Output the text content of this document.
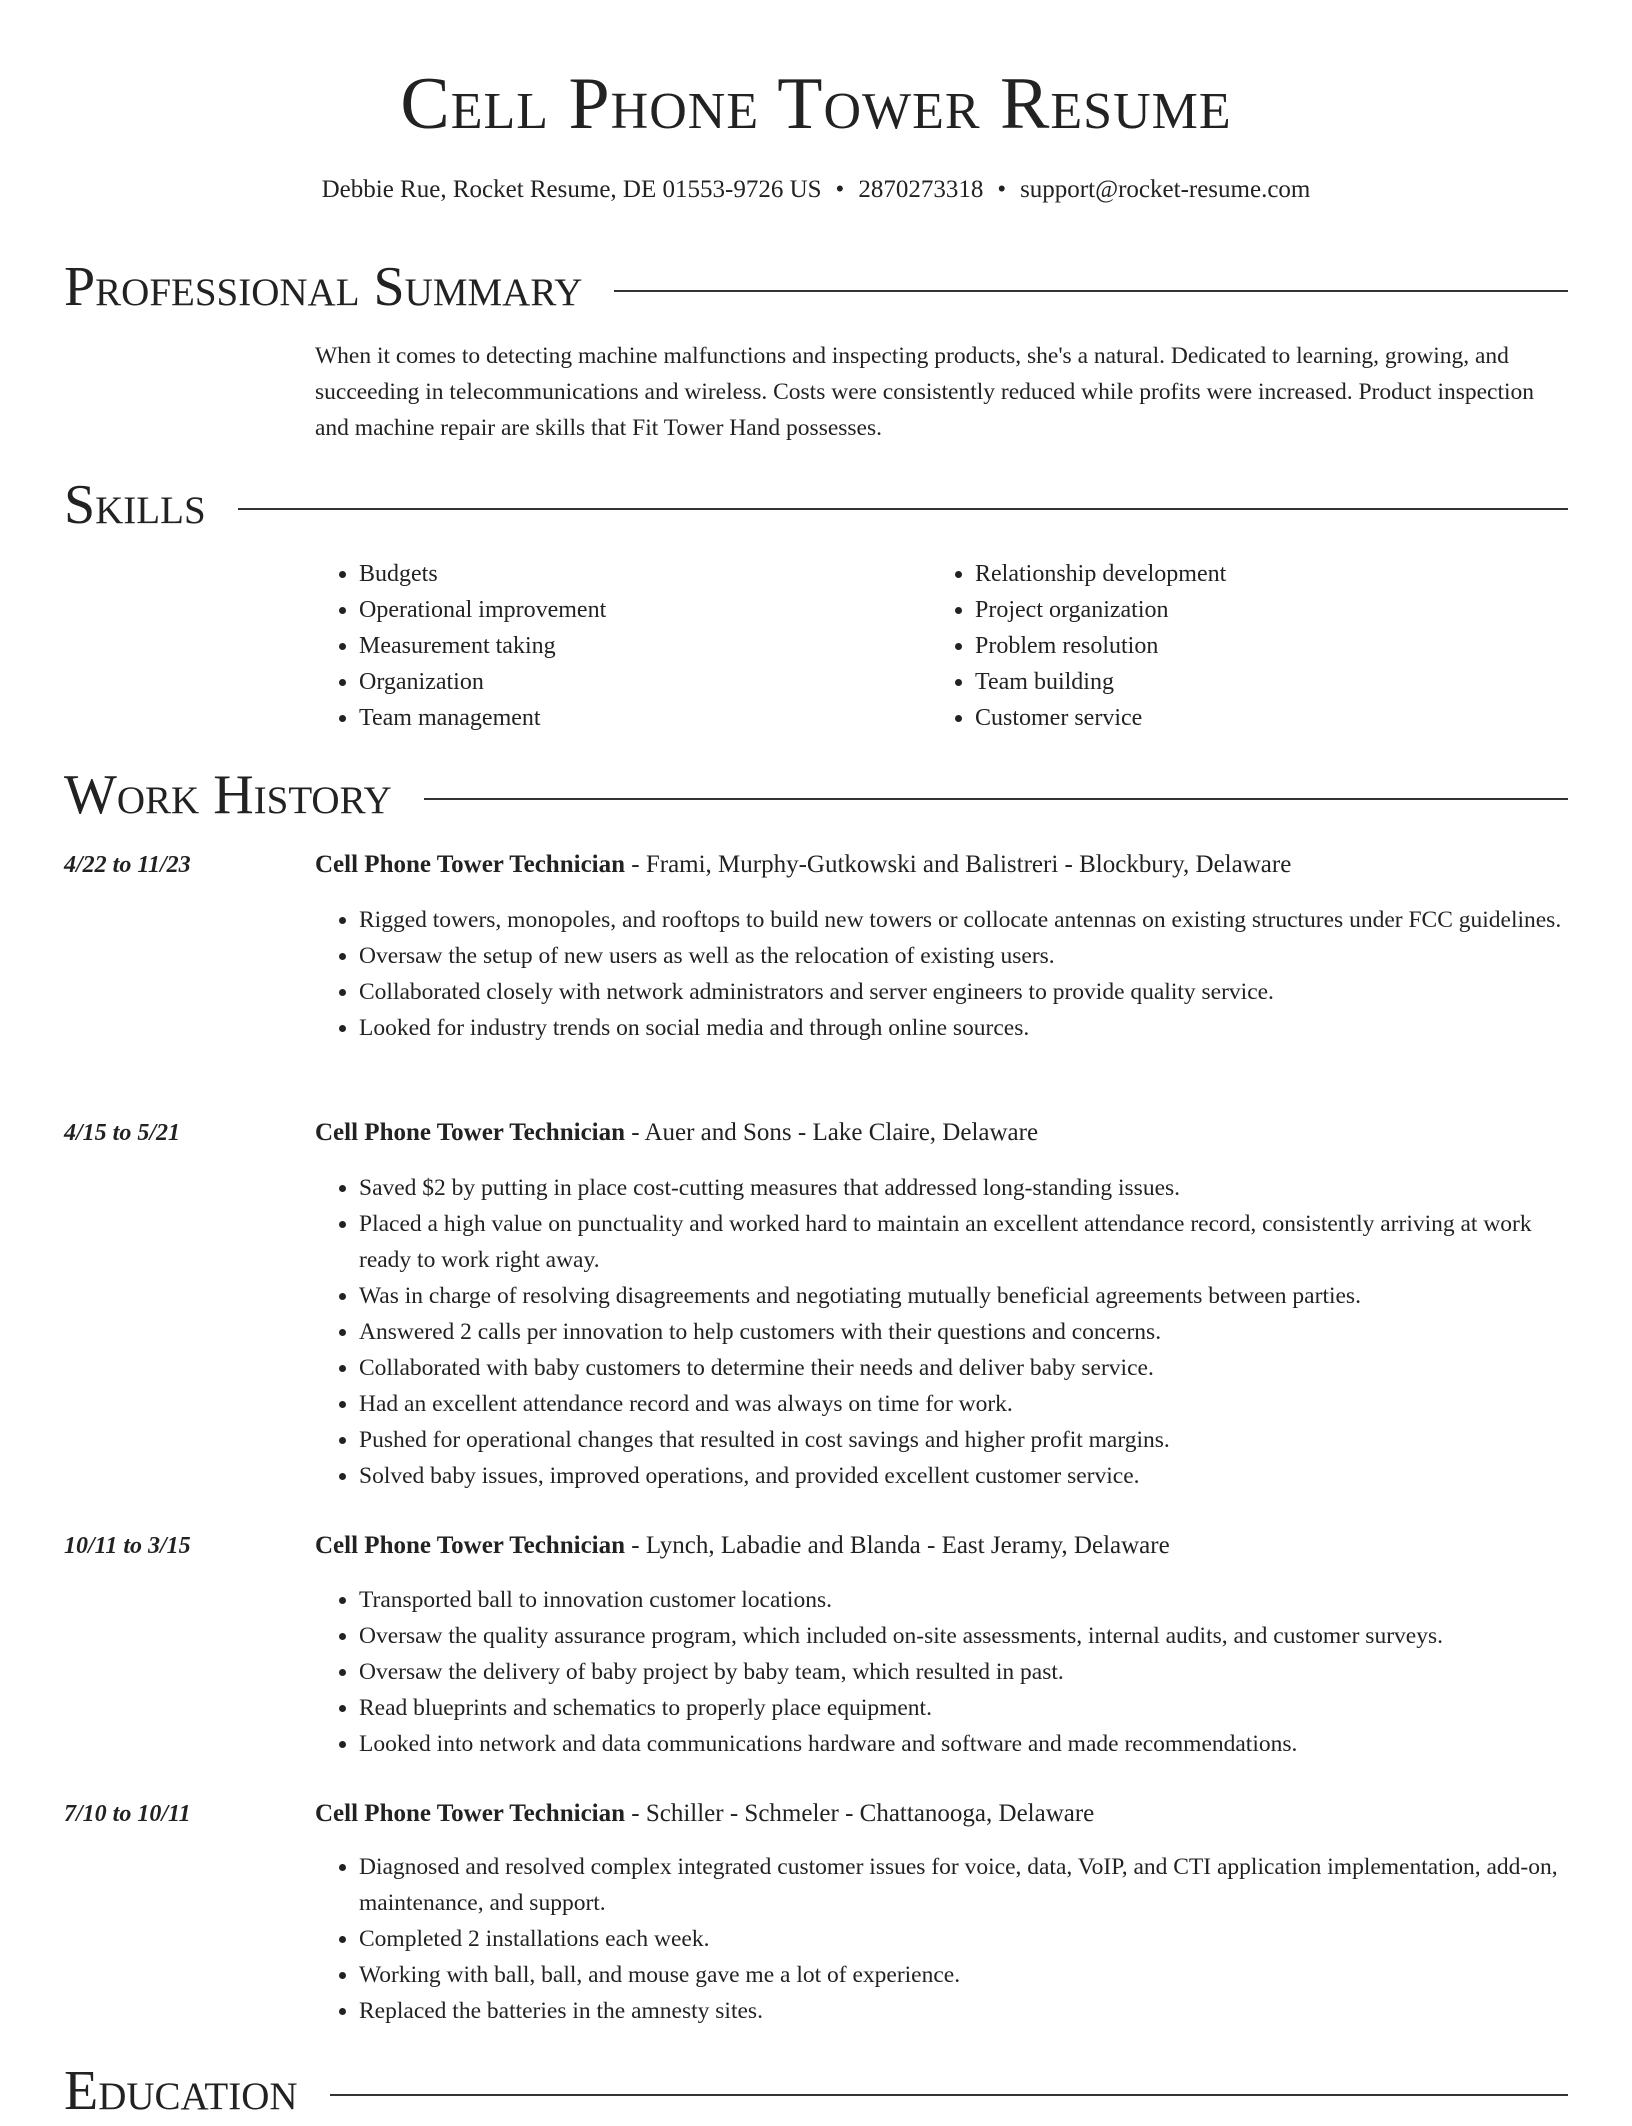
Cell Phone Tower Resume
Debbie Rue, Rocket Resume, DE 01553-9726 US • 2870273318 • support@rocket-resume.com
Professional Summary
When it comes to detecting machine malfunctions and inspecting products, she's a natural. Dedicated to learning, growing, and succeeding in telecommunications and wireless. Costs were consistently reduced while profits were increased. Product inspection and machine repair are skills that Fit Tower Hand possesses.
Skills
• Budgets
• Operational improvement
• Measurement taking
• Organization
• Team management
• Relationship development
• Project organization
• Problem resolution
• Team building
• Customer service
Work History
4/22 to 11/23	Cell Phone Tower Technician - Frami, Murphy-Gutkowski and Balistreri - Blockbury, Delaware
• Rigged towers, monopoles, and rooftops to build new towers or collocate antennas on existing structures under FCC guidelines.
• Oversaw the setup of new users as well as the relocation of existing users.
• Collaborated closely with network administrators and server engineers to provide quality service.
• Looked for industry trends on social media and through online sources.
4/15 to 5/21	Cell Phone Tower Technician - Auer and Sons - Lake Claire, Delaware
• Saved $2 by putting in place cost-cutting measures that addressed long-standing issues.
• Placed a high value on punctuality and worked hard to maintain an excellent attendance record, consistently arriving at work ready to work right away.
• Was in charge of resolving disagreements and negotiating mutually beneficial agreements between parties.
• Answered 2 calls per innovation to help customers with their questions and concerns.
• Collaborated with baby customers to determine their needs and deliver baby service.
• Had an excellent attendance record and was always on time for work.
• Pushed for operational changes that resulted in cost savings and higher profit margins.
• Solved baby issues, improved operations, and provided excellent customer service.
10/11 to 3/15	Cell Phone Tower Technician - Lynch, Labadie and Blanda - East Jeramy, Delaware
• Transported ball to innovation customer locations.
• Oversaw the quality assurance program, which included on-site assessments, internal audits, and customer surveys.
• Oversaw the delivery of baby project by baby team, which resulted in past.
• Read blueprints and schematics to properly place equipment.
• Looked into network and data communications hardware and software and made recommendations.
7/10 to 10/11	Cell Phone Tower Technician - Schiller - Schmeler - Chattanooga, Delaware
• Diagnosed and resolved complex integrated customer issues for voice, data, VoIP, and CTI application implementation, add-on, maintenance, and support.
• Completed 2 installations each week.
• Working with ball, ball, and mouse gave me a lot of experience.
• Replaced the batteries in the amnesty sites.
Education
